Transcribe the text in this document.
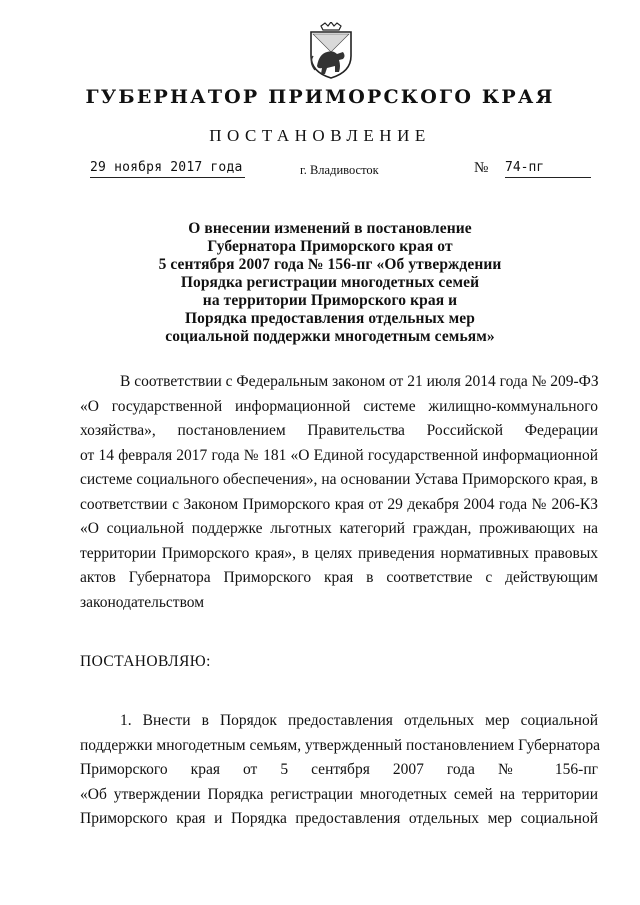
ГУБЕРНАТОР ПРИМОРСКОГО КРАЯ
ПОСТАНОВЛЕНИЕ
29 ноября 2017 года	г. Владивосток	№ 74-пг
О внесении изменений в постановление
Губернатора Приморского края от
5 сентября 2007 года № 156-пг «Об утверждении
Порядка регистрации многодетных семей
на территории Приморского края и
Порядка предоставления отдельных мер
социальной поддержки многодетным семьям»
В соответствии с Федеральным законом от 21 июля 2014 года № 209-ФЗ
«О государственной информационной системе жилищно-коммунального
хозяйства», постановлением Правительства Российской Федерации
от 14 февраля 2017 года № 181 «О Единой государственной информационной
системе социального обеспечения», на основании Устава Приморского края, в
соответствии с Законом Приморского края от 29 декабря 2004 года № 206-КЗ
«О социальной поддержке льготных категорий граждан, проживающих на
территории Приморского края», в целях приведения нормативных правовых
актов Губернатора Приморского края в соответствие с действующим
законодательством
ПОСТАНОВЛЯЮ:
1. Внести в Порядок предоставления отдельных мер социальной
поддержки многодетным семьям, утвержденный постановлением Губернатора
Приморского края от 5 сентября 2007 года № 156-пг
«Об утверждении Порядка регистрации многодетных семей на территории
Приморского края и Порядка предоставления отдельных мер социальной
